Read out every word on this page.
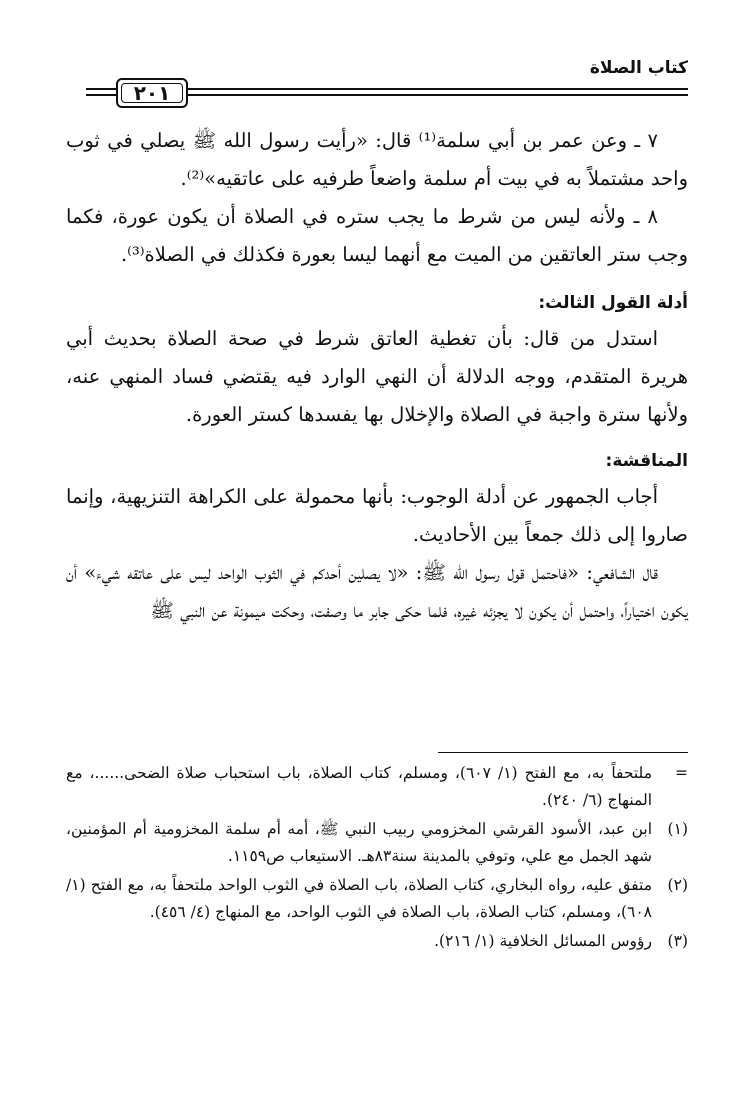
كتاب الصلاة
٢٠١

٧ ـ وعن عمر بن أبي سلمة⁽¹⁾ قال: «رأيت رسول الله ﷺ يصلي في ثوب واحد مشتملاً به في بيت أم سلمة واضعاً طرفيه على عاتقيه»⁽²⁾.

٨ ـ ولأنه ليس من شرط ما يجب ستره في الصلاة أن يكون عورة، فكما وجب ستر العاتقين من الميت مع أنهما ليسا بعورة فكذلك في الصلاة⁽³⁾.

أدلة القول الثالث:

استدل من قال: بأن تغطية العاتق شرط في صحة الصلاة بحديث أبي هريرة المتقدم، ووجه الدلالة أن النهي الوارد فيه يقتضي فساد المنهي عنه، ولأنها سترة واجبة في الصلاة والإخلال بها يفسدها كستر العورة.

المناقشة:

أجاب الجمهور عن أدلة الوجوب: بأنها محمولة على الكراهة التنزيهية، وإنما صاروا إلى ذلك جمعاً بين الأحاديث.

قال الشافعي: «فاحتمل قول رسول الله ﷺ: «لا يصلين أحدكم في الثوب الواحد ليس على عاتقه شيء» أن يكون اختياراً، واحتمل أن يكون لا يجزئه غيره، فلما حكى جابر ما وصفت، وحكت ميمونة عن النبي ﷺ

=
ملتحفاً به، مع الفتح (١/ ٦٠٧)، ومسلم، كتاب الصلاة، باب استحباب صلاة الضحى......، مع المنهاج (٦/ ٢٤٠).
(١)
ابن عبد، الأسود القرشي المخزومي ربيب النبي ﷺ، أمه أم سلمة المخزومية أم المؤمنين، شهد الجمل مع علي، وتوفي بالمدينة سنة٨٣هـ. الاستيعاب ص١١٥٩.
(٢)
متفق عليه، رواه البخاري، كتاب الصلاة، باب الصلاة في الثوب الواحد ملتحفاً به، مع الفتح (١/ ٦٠٨)، ومسلم، كتاب الصلاة، باب الصلاة في الثوب الواحد، مع المنهاج (٤/ ٤٥٦).
(٣)
رؤوس المسائل الخلافية (١/ ٢١٦).
